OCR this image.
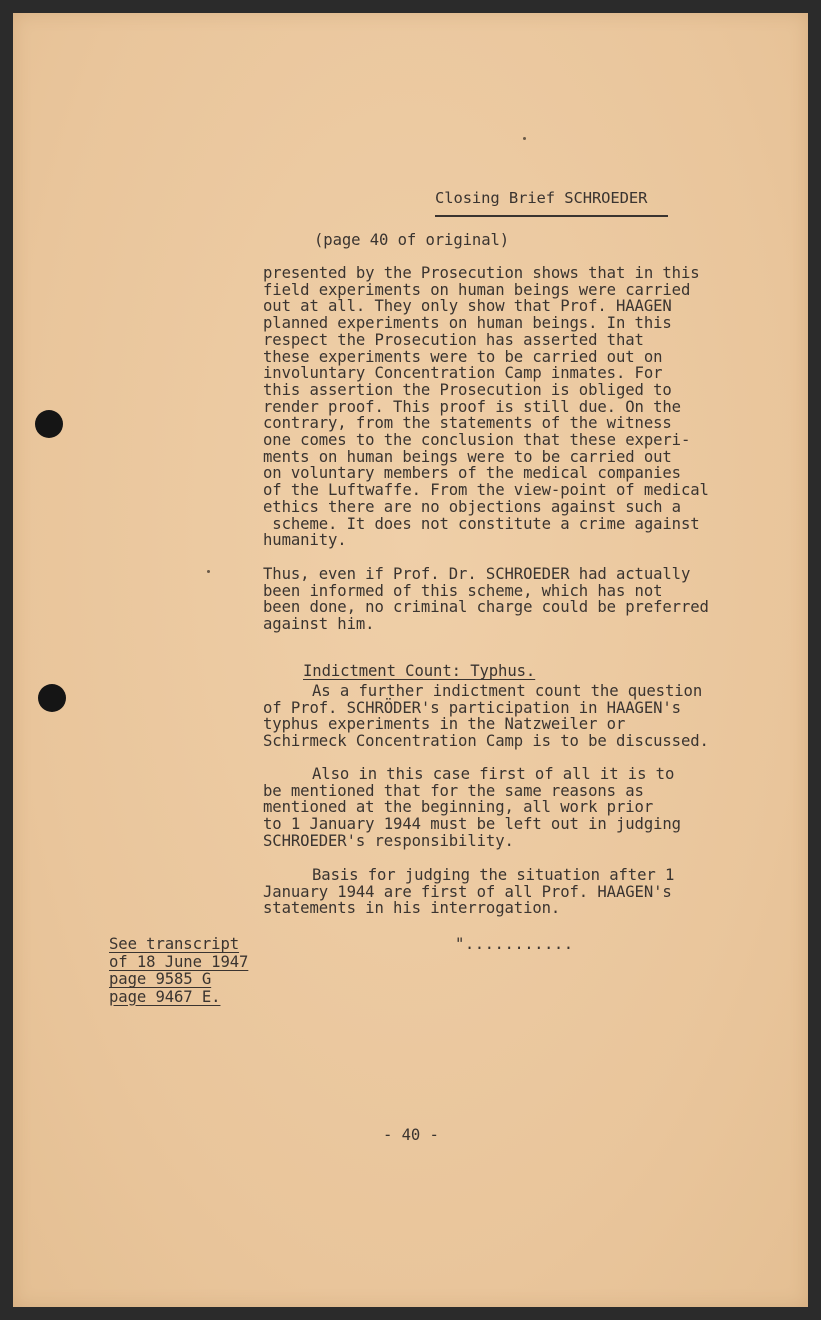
Closing Brief SCHROEDER
(page 40 of original)
presented by the Prosecution shows that in this
field experiments on human beings were carried
out at all. They only show that Prof. HAAGEN
planned experiments on human beings. In this
respect the Prosecution has asserted that
these experiments were to be carried out on
involuntary Concentration Camp inmates. For
this assertion the Prosecution is obliged to
render proof. This proof is still due. On the
contrary, from the statements of the witness
one comes to the conclusion that these experi-
ments on human beings were to be carried out
on voluntary members of the medical companies
of the Luftwaffe. From the view-point of medical
ethics there are no objections against such a
scheme. It does not constitute a crime against
humanity.
Thus, even if Prof. Dr. SCHROEDER had actually
been informed of this scheme, which has not
been done, no criminal charge could be preferred
against him.
Indictment Count: Typhus.
As a further indictment count the question
of Prof. SCHRÖDER's participation in HAAGEN's
typhus experiments in the Natzweiler or
Schirmeck Concentration Camp is to be discussed.
Also in this case first of all it is to
be mentioned that for the same reasons as
mentioned at the beginning, all work prior
to 1 January 1944 must be left out in judging
SCHROEDER's responsibility.
Basis for judging the situation after 1
January 1944 are first of all Prof. HAAGEN's
statements in his interrogation.
"...........
See transcript
of 18 June 1947
page 9585 G
page 9467 E.
- 40 -
